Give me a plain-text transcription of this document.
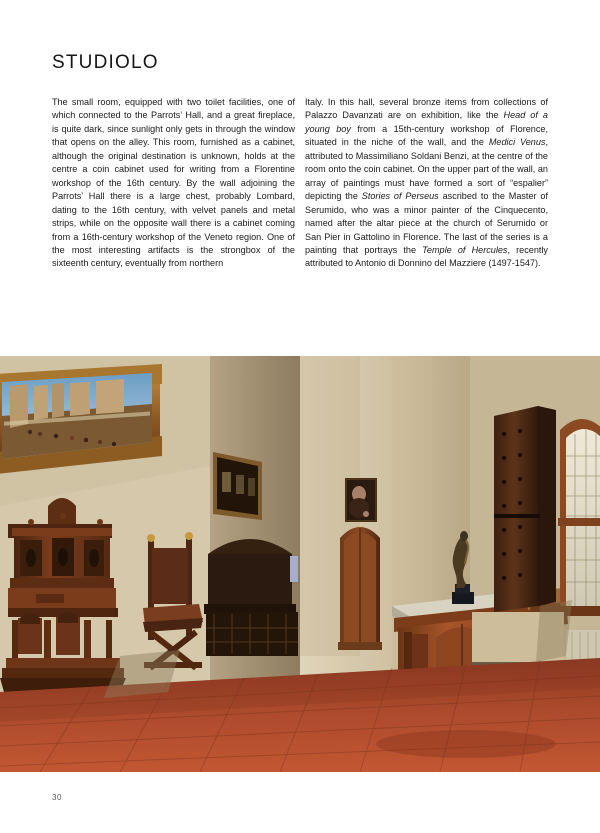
studiolo
The small room, equipped with two toilet facilities, one of which connected to the Parrots’ Hall, and a great fireplace, is quite dark, since sunlight only gets in through the window that opens on the alley. This room, furnished as a cabinet, although the original destination is unknown, holds at the centre a coin cabinet used for writing from a Florentine workshop of the 16th century. By the wall adjoining the Parrots’ Hall there is a large chest, probably Lombard, dating to the 16th century, with velvet panels and metal strips, while on the opposite wall there is a cabinet coming from a 16th-century workshop of the Veneto region. One of the most interesting artifacts is the strongbox of the sixteenth century, eventually from northern
Italy. In this hall, several bronze items from collections of Palazzo Davanzati are on exhibition, like the Head of a young boy from a 15th-century workshop of Florence, situated in the niche of the wall, and the Medici Venus, attributed to Massimiliano Soldani Benzi, at the centre of the room onto the coin cabinet. On the upper part of the wall, an array of paintings must have formed a sort of “espalier” depicting the Stories of Perseus ascribed to the Master of Serumido, who was a minor painter of the Cinquecento, named after the altar piece at the church of Serumido or San Pier in Gattolino in Florence. The last of the series is a painting that portrays the Temple of Hercules, recently attributed to Antonio di Donnino del Mazziere (1497-1547).
30
